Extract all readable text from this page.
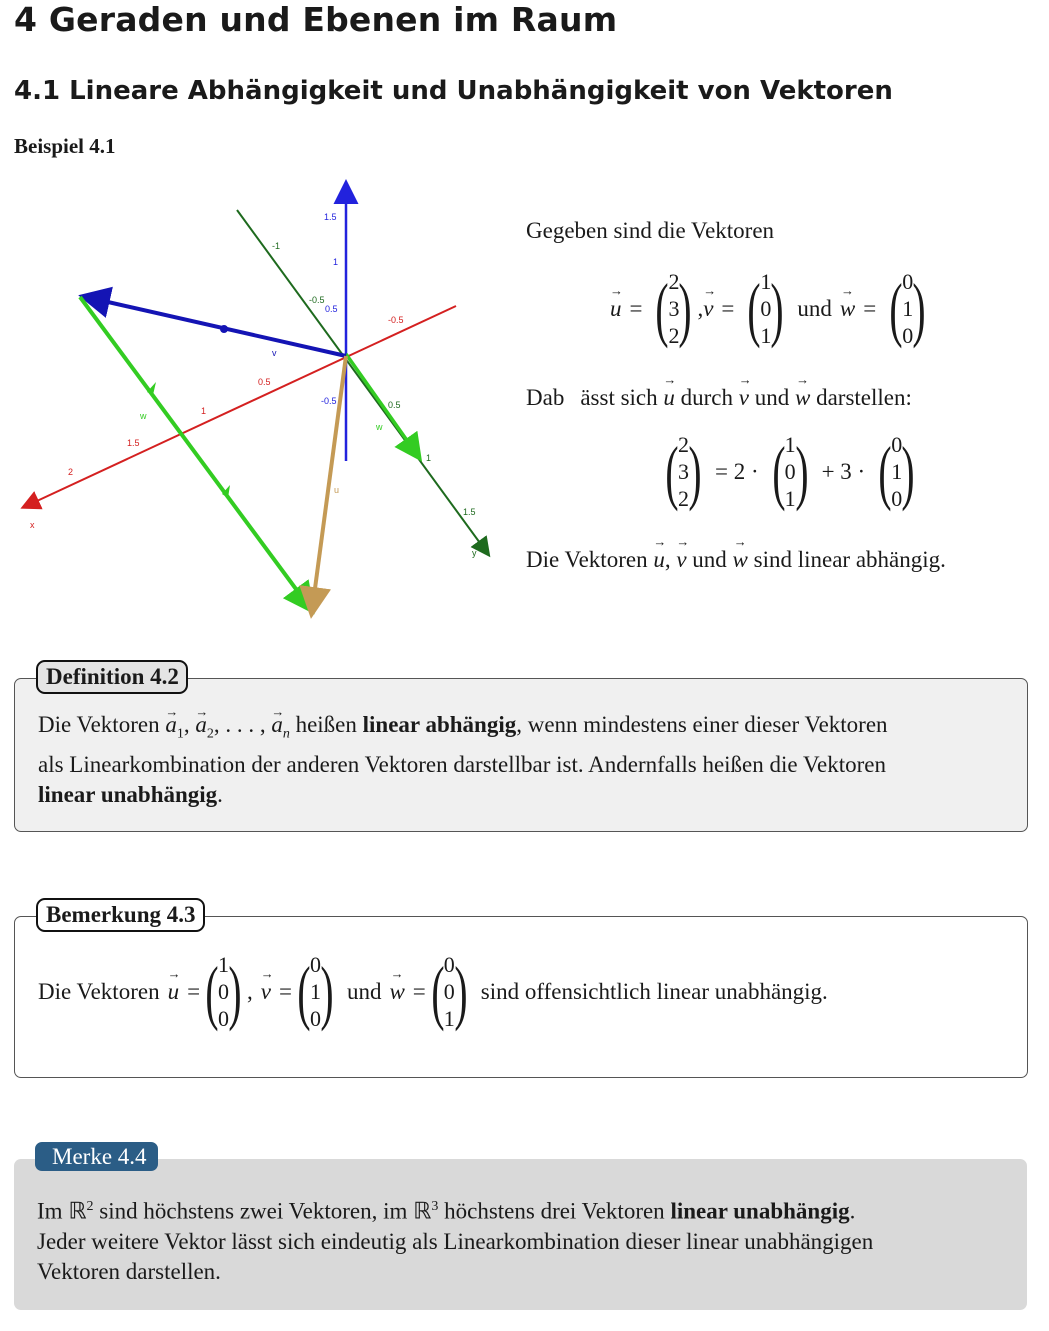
4 Geraden und Ebenen im Raum
4.1 Lineare Abhängigkeit und Unabhängigkeit von Vektoren
Beispiel 4.1
z
x
y
1.5
1
0.5
-0.5
-1
-0.5
0.5
1
1.5
-0.5
0.5
1
1.5
2
v
w
w
u
Gegeben sind die Vektoren
→ u = ( 2
3
2 ) , → v = ( 1
0
1 ) und → w = ( 0
1
0 )
Dab ässt sich → u durch → v und → w darstellen:
( 2
3
2 ) = 2 · ( 1
0
1 ) + 3 · ( 0
1
0 )
Die Vektoren → u, → v und → w sind linear abhängig.
Definition 4.2
Die Vektoren → $a_1$, → $a_2$, . . . , → $a_n$ heißen linear abhängig, wenn mindestens einer dieser Vektoren
als Linearkombination der anderen Vektoren darstellbar ist. Andernfalls heißen die Vektoren
linear unabhängig.
Bemerkung 4.3
Die Vektoren → u = ( 1
0
0 ) , → v = ( 0
1
0 ) und → w = ( 0
0
1 ) sind offensichtlich linear unabhängig.
Merke 4.4
Im ℝ$^2$ sind höchstens zwei Vektoren, im ℝ$^3$ höchstens drei Vektoren linear unabhängig.
Jeder weitere Vektor lässt sich eindeutig als Linearkombination dieser linear unabhängigen
Vektoren darstellen.
